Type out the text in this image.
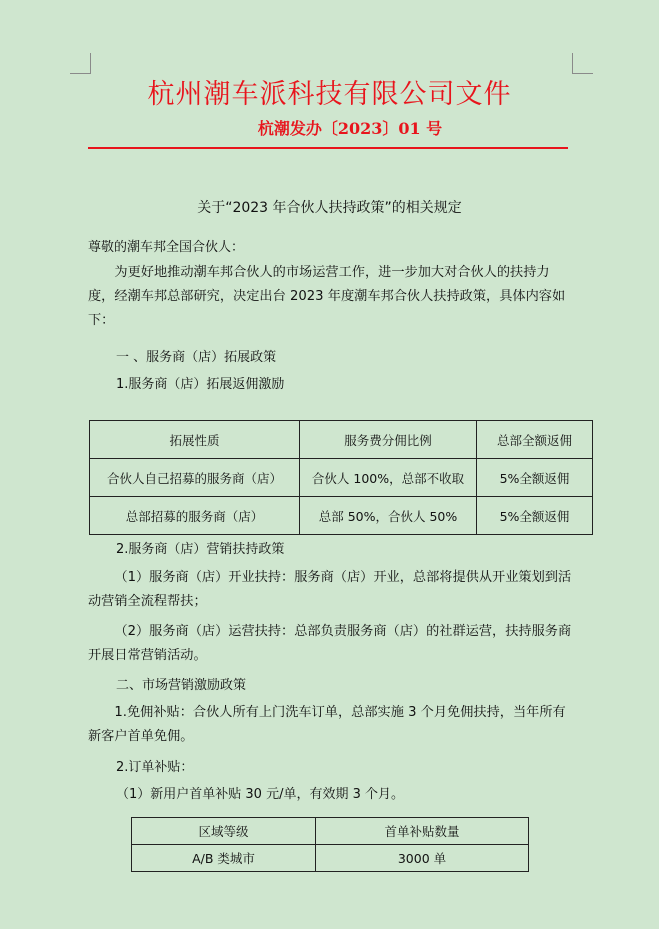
杭州潮车派科技有限公司文件
杭潮发办〔2023〕01 号
关于“2023 年合伙人扶持政策”的相关规定
尊敬的潮车邦全国合伙人：
为更好地推动潮车邦合伙人的市场运营工作，进一步加大对合伙人的扶持力度，经潮车邦总部研究，决定出台 2023 年度潮车邦合伙人扶持政策，具体内容如下：
一 、服务商（店）拓展政策
1.服务商（店）拓展返佣激励
拓展性质	服务费分佣比例	总部全额返佣
合伙人自己招募的服务商（店）	合伙人 100%，总部不收取	5%全额返佣
总部招募的服务商（店）	总部 50%，合伙人 50%	5%全额返佣
2.服务商（店）营销扶持政策
（1）服务商（店）开业扶持：服务商（店）开业，总部将提供从开业策划到活动营销全流程帮扶；
（2）服务商（店）运营扶持：总部负责服务商（店）的社群运营，扶持服务商开展日常营销活动。
二、市场营销激励政策
1.免佣补贴：合伙人所有上门洗车订单，总部实施 3 个月免佣扶持，当年所有新客户首单免佣。
2.订单补贴：
（1）新用户首单补贴 30 元/单，有效期 3 个月。
区域等级	首单补贴数量
A/B 类城市	3000 单
